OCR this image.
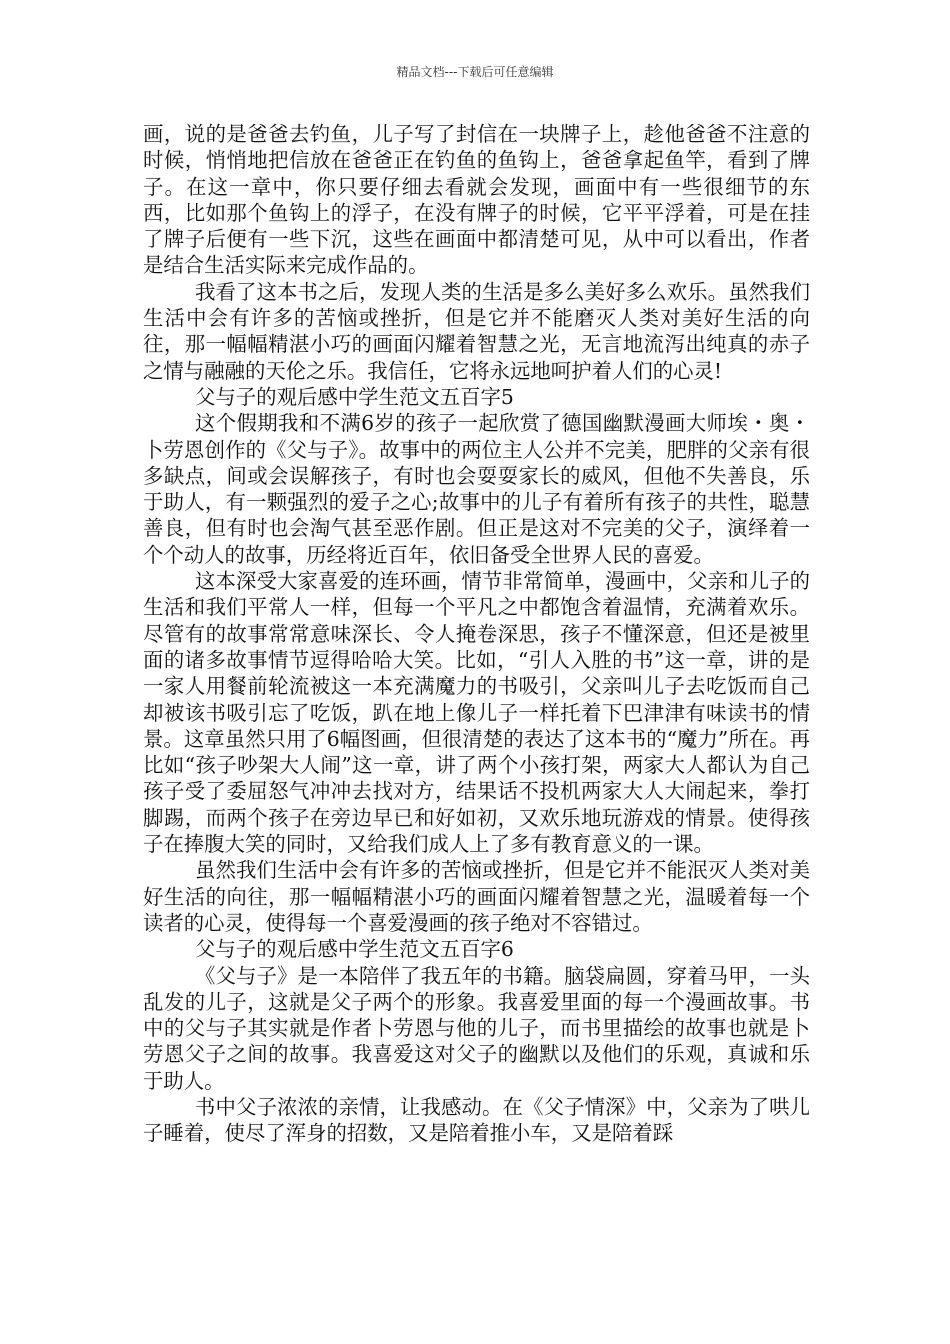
精品文档---下载后可任意编辑

画，说的是爸爸去钓鱼，儿子写了封信在一块牌子上，趁他爸爸不注意的时候，悄悄地把信放在爸爸正在钓鱼的鱼钩上，爸爸拿起鱼竿，看到了牌子。在这一章中，你只要仔细去看就会发现，画面中有一些很细节的东西，比如那个鱼钩上的浮子，在没有牌子的时候，它平平浮着，可是在挂了牌子后便有一些下沉，这些在画面中都清楚可见，从中可以看出，作者是结合生活实际来完成作品的。

我看了这本书之后，发现人类的生活是多么美好多么欢乐。虽然我们生活中会有许多的苦恼或挫折，但是它并不能磨灭人类对美好生活的向往，那一幅幅精湛小巧的画面闪耀着智慧之光，无言地流泻出纯真的赤子之情与融融的天伦之乐。我信任，它将永远地呵护着人们的心灵!

父与子的观后感中学生范文五百字5

这个假期我和不满6岁的孩子一起欣赏了德国幽默漫画大师埃・奥・卜劳恩创作的《父与子》。故事中的两位主人公并不完美，肥胖的父亲有很多缺点，间或会误解孩子，有时也会耍耍家长的威风，但他不失善良，乐于助人，有一颗强烈的爱子之心;故事中的儿子有着所有孩子的共性，聪慧善良，但有时也会淘气甚至恶作剧。但正是这对不完美的父子，演绎着一个个动人的故事，历经将近百年，依旧备受全世界人民的喜爱。

这本深受大家喜爱的连环画，情节非常简单，漫画中，父亲和儿子的生活和我们平常人一样，但每一个平凡之中都饱含着温情，充满着欢乐。尽管有的故事常常意味深长、令人掩卷深思，孩子不懂深意，但还是被里面的诸多故事情节逗得哈哈大笑。比如，“引人入胜的书”这一章，讲的是一家人用餐前轮流被这一本充满魔力的书吸引，父亲叫儿子去吃饭而自己却被该书吸引忘了吃饭，趴在地上像儿子一样托着下巴津津有味读书的情景。这章虽然只用了6幅图画，但很清楚的表达了这本书的“魔力”所在。再比如“孩子吵架大人闹”这一章，讲了两个小孩打架，两家大人都认为自己孩子受了委屈怒气冲冲去找对方，结果话不投机两家大人大闹起来，拳打脚踢，而两个孩子在旁边早已和好如初，又欢乐地玩游戏的情景。使得孩子在捧腹大笑的同时，又给我们成人上了多有教育意义的一课。

虽然我们生活中会有许多的苦恼或挫折，但是它并不能泯灭人类对美好生活的向往，那一幅幅精湛小巧的画面闪耀着智慧之光，温暖着每一个读者的心灵，使得每一个喜爱漫画的孩子绝对不容错过。

父与子的观后感中学生范文五百字6

《父与子》是一本陪伴了我五年的书籍。脑袋扁圆，穿着马甲，一头乱发的儿子，这就是父子两个的形象。我喜爱里面的每一个漫画故事。书中的父与子其实就是作者卜劳恩与他的儿子，而书里描绘的故事也就是卜劳恩父子之间的故事。我喜爱这对父子的幽默以及他们的乐观，真诚和乐于助人。

书中父子浓浓的亲情，让我感动。在《父子情深》中，父亲为了哄儿子睡着，使尽了浑身的招数，又是陪着推小车，又是陪着踩
